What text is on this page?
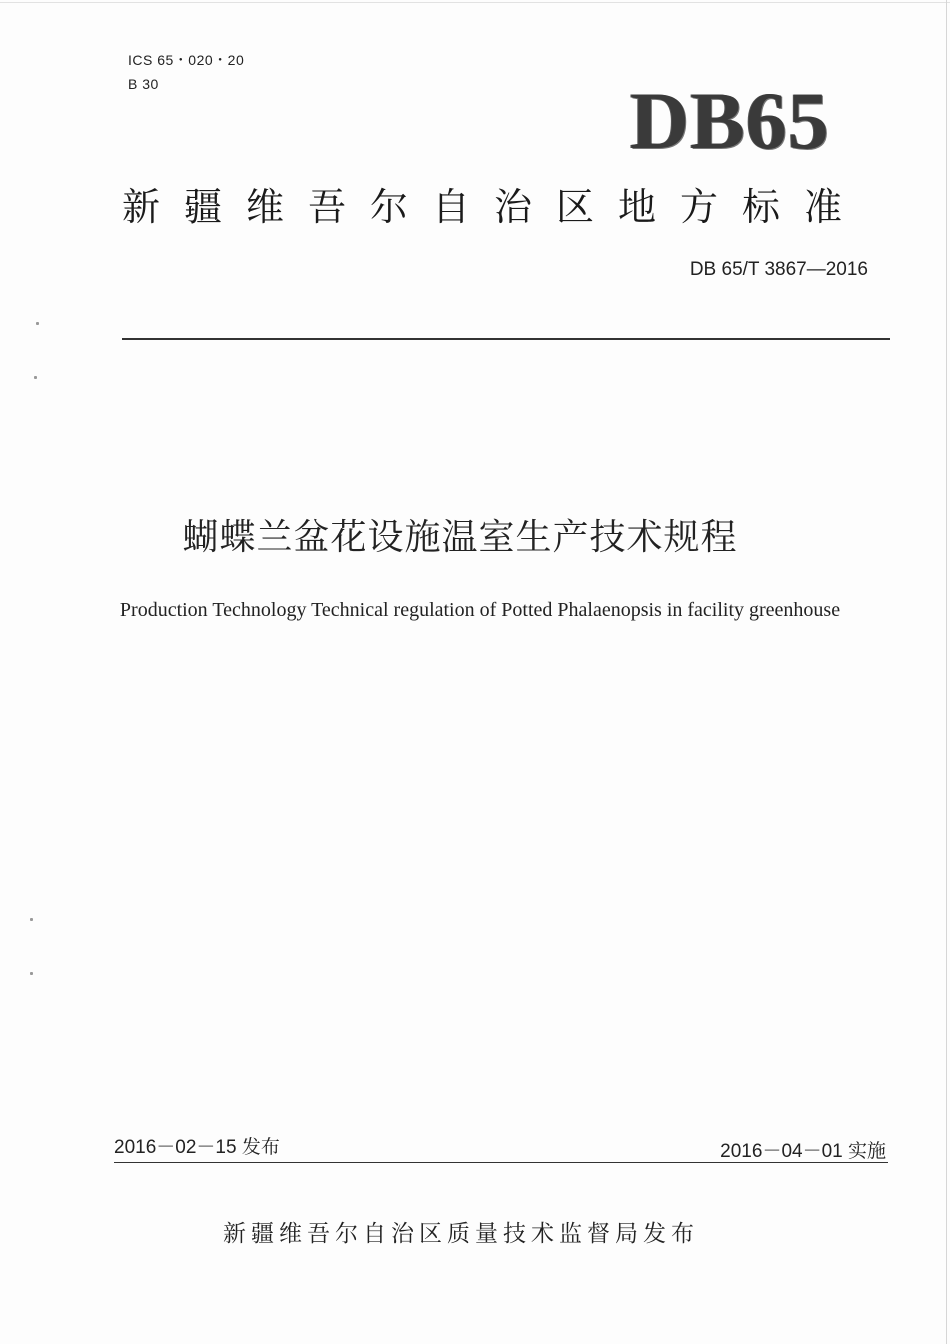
ICS 65・020・20
B 30	DB65
新疆维吾尔自治区地方标准
DB 65/T 3867—2016
蝴蝶兰盆花设施温室生产技术规程
Production Technology Technical regulation of Potted Phalaenopsis in facility greenhouse
2016－02－15 发布	2016－04－01 实施
新疆维吾尔自治区质量技术监督局发布
